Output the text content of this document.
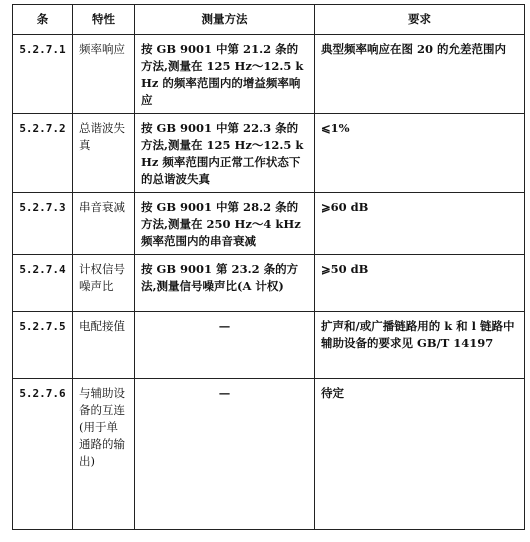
条	特性	测量方法	要求
5.2.7.1	频率响应	按 GB 9001 中第 21.2 条的方法,测量在 125 Hz～12.5 kHz 的频率范围内的增益频率响应	典型频率响应在图 20 的允差范围内
5.2.7.2	总谐波失真	按 GB 9001 中第 22.3 条的方法,测量在 125 Hz～12.5 kHz 频率范围内正常工作状态下的总谐波失真	⩽1%
5.2.7.3	串音衰减	按 GB 9001 中第 28.2 条的方法,测量在 250 Hz～4 kHz 频率范围内的串音衰减	⩾60 dB
5.2.7.4	计权信号噪声比	按 GB 9001 第 23.2 条的方法,测量信号噪声比(A 计权)	⩾50 dB
5.2.7.5	电配接值	—	扩声和/或广播链路用的 k 和 l 链路中辅助设备的要求见 GB/T 14197
5.2.7.6	与辅助设备的互连(用于单通路的输出)	—	待定
